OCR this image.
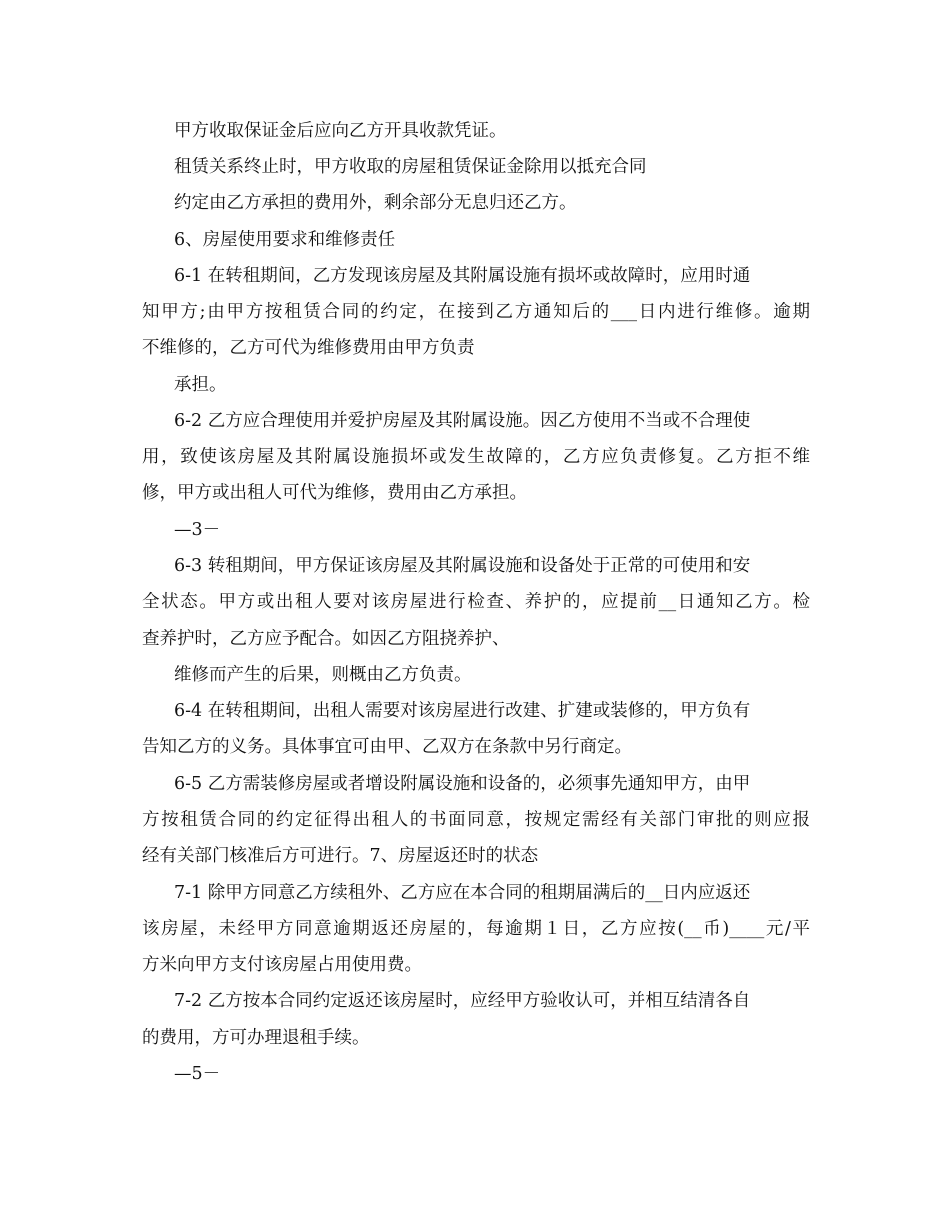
甲方收取保证金后应向乙方开具收款凭证。
租赁关系终止时，甲方收取的房屋租赁保证金除用以抵充合同
约定由乙方承担的费用外，剩余部分无息归还乙方。
6、房屋使用要求和维修责任
6-1 在转租期间，乙方发现该房屋及其附属设施有损坏或故障时，应用时通
知甲方;由甲方按租赁合同的约定，在接到乙方通知后的___日内进行维修。逾期
不维修的，乙方可代为维修费用由甲方负责
承担。
6-2 乙方应合理使用并爱护房屋及其附属设施。因乙方使用不当或不合理使
用，致使该房屋及其附属设施损坏或发生故障的，乙方应负责修复。乙方拒不维
修，甲方或出租人可代为维修，费用由乙方承担。
—3－
6-3 转租期间，甲方保证该房屋及其附属设施和设备处于正常的可使用和安
全状态。甲方或出租人要对该房屋进行检查、养护的，应提前__日通知乙方。检
查养护时，乙方应予配合。如因乙方阻挠养护、
维修而产生的后果，则概由乙方负责。
6-4 在转租期间，出租人需要对该房屋进行改建、扩建或装修的，甲方负有
告知乙方的义务。具体事宜可由甲、乙双方在条款中另行商定。
6-5 乙方需装修房屋或者增设附属设施和设备的，必须事先通知甲方，由甲
方按租赁合同的约定征得出租人的书面同意，按规定需经有关部门审批的则应报
经有关部门核准后方可进行。7、房屋返还时的状态
7-1 除甲方同意乙方续租外、乙方应在本合同的租期届满后的__日内应返还
该房屋，未经甲方同意逾期返还房屋的，每逾期１日，乙方应按(__币)____元/平
方米向甲方支付该房屋占用使用费。
7-2 乙方按本合同约定返还该房屋时，应经甲方验收认可，并相互结清各自
的费用，方可办理退租手续。
—5－
